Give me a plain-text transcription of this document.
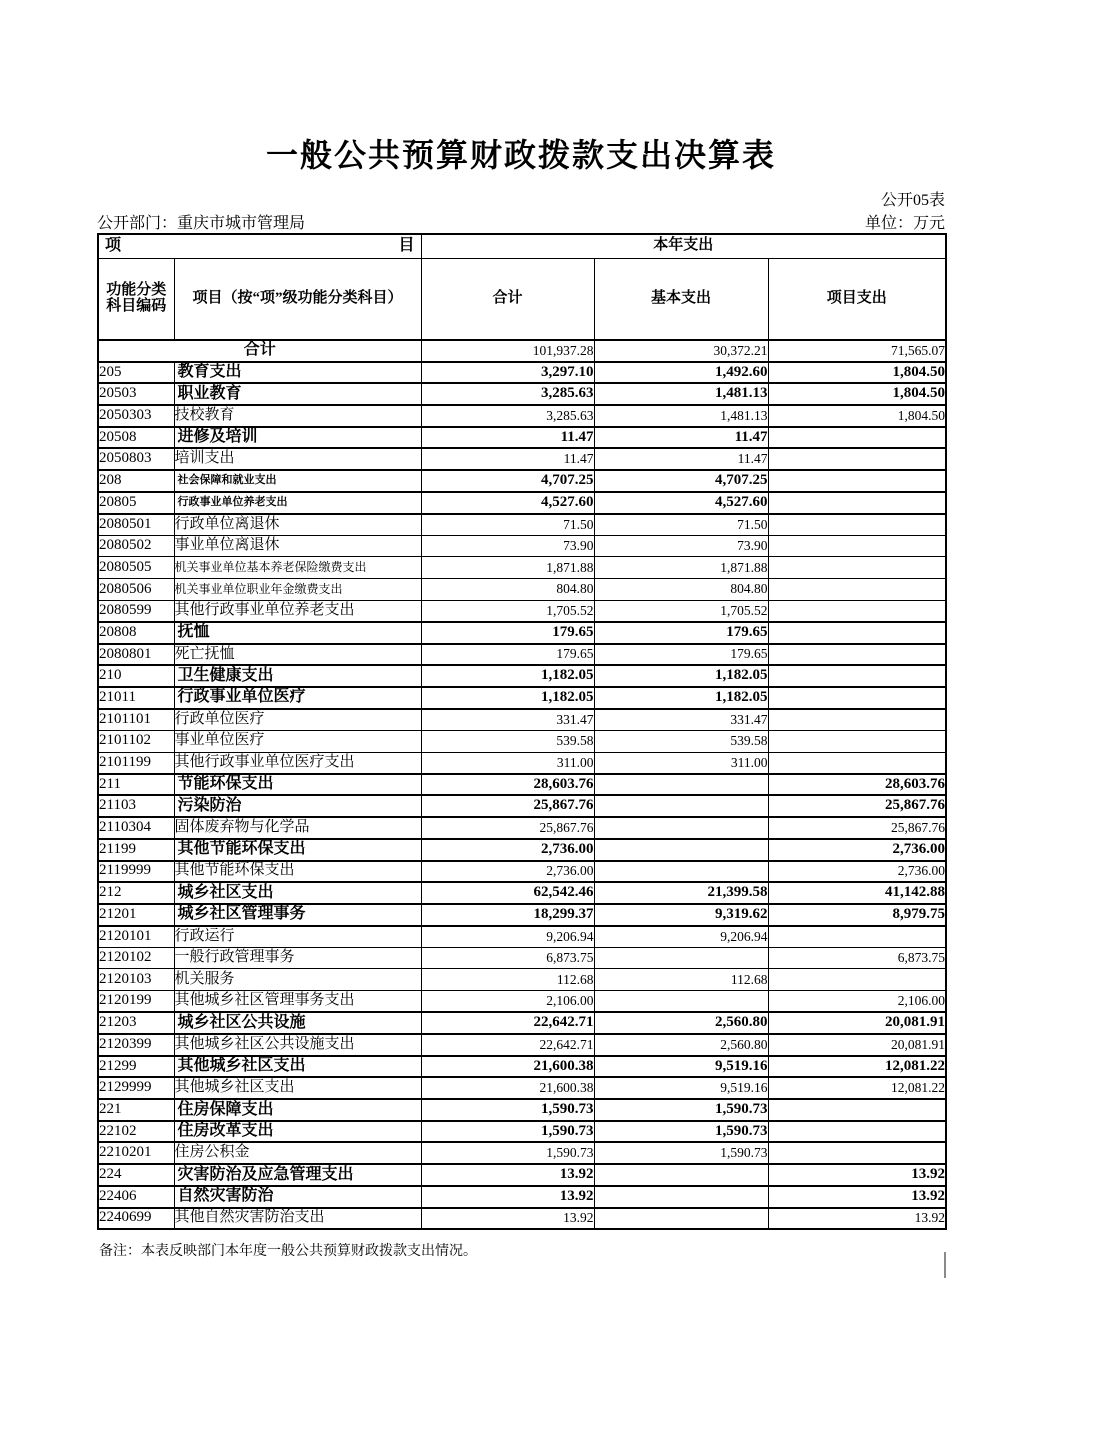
一般公共预算财政拨款支出决算表
公开05表
公开部门：重庆市城市管理局	单位：万元
项 目		本年支出		
功能分类科目编码	项目（按“项”级功能分类科目）	合计	基本支出	项目支出
合计		101,937.28	30,372.21	71,565.07
205	教育支出	3,297.10	1,492.60	1,804.50
20503	职业教育	3,285.63	1,481.13	1,804.50
2050303	技校教育	3,285.63	1,481.13	1,804.50
20508	进修及培训	11.47	11.47	
2050803	培训支出	11.47	11.47	
208	社会保障和就业支出	4,707.25	4,707.25	
20805	行政事业单位养老支出	4,527.60	4,527.60	
2080501	行政单位离退休	71.50	71.50	
2080502	事业单位离退休	73.90	73.90	
2080505	机关事业单位基本养老保险缴费支出	1,871.88	1,871.88	
2080506	机关事业单位职业年金缴费支出	804.80	804.80	
2080599	其他行政事业单位养老支出	1,705.52	1,705.52	
20808	抚恤	179.65	179.65	
2080801	死亡抚恤	179.65	179.65	
210	卫生健康支出	1,182.05	1,182.05	
21011	行政事业单位医疗	1,182.05	1,182.05	
2101101	行政单位医疗	331.47	331.47	
2101102	事业单位医疗	539.58	539.58	
2101199	其他行政事业单位医疗支出	311.00	311.00	
211	节能环保支出	28,603.76		28,603.76
21103	污染防治	25,867.76		25,867.76
2110304	固体废弃物与化学品	25,867.76		25,867.76
21199	其他节能环保支出	2,736.00		2,736.00
2119999	其他节能环保支出	2,736.00		2,736.00
212	城乡社区支出	62,542.46	21,399.58	41,142.88
21201	城乡社区管理事务	18,299.37	9,319.62	8,979.75
2120101	行政运行	9,206.94	9,206.94	
2120102	一般行政管理事务	6,873.75		6,873.75
2120103	机关服务	112.68	112.68	
2120199	其他城乡社区管理事务支出	2,106.00		2,106.00
21203	城乡社区公共设施	22,642.71	2,560.80	20,081.91
2120399	其他城乡社区公共设施支出	22,642.71	2,560.80	20,081.91
21299	其他城乡社区支出	21,600.38	9,519.16	12,081.22
2129999	其他城乡社区支出	21,600.38	9,519.16	12,081.22
221	住房保障支出	1,590.73	1,590.73	
22102	住房改革支出	1,590.73	1,590.73	
2210201	住房公积金	1,590.73	1,590.73	
224	灾害防治及应急管理支出	13.92		13.92
22406	自然灾害防治	13.92		13.92
2240699	其他自然灾害防治支出	13.92		13.92
备注：本表反映部门本年度一般公共预算财政拨款支出情况。
